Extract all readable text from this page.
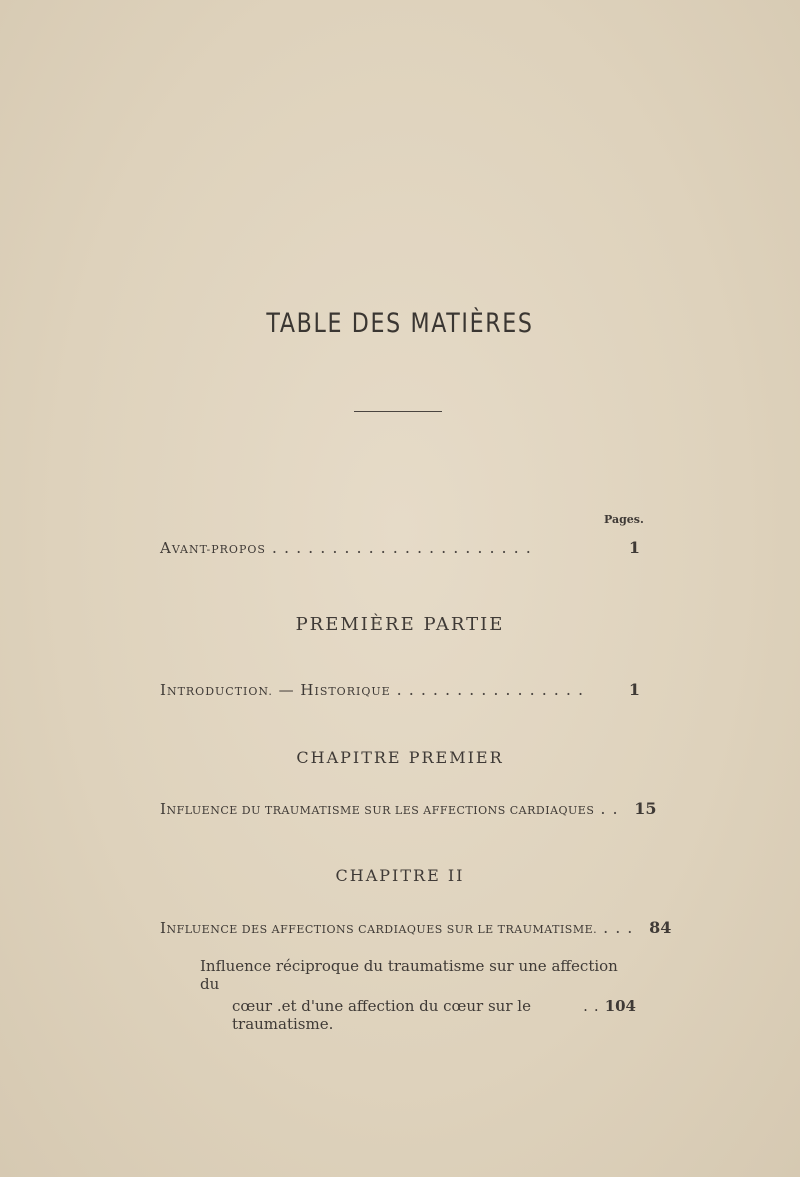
TABLE DES MATIÈRES
Pages.
AVANT-PROPOS ......................	1
PREMIÈRE PARTIE
INTRODUCTION. — HISTORIQUE ................	1
CHAPITRE PREMIER
INFLUENCE DU TRAUMATISME SUR LES AFFECTIONS CARDIAQUES .. 15
CHAPITRE II
INFLUENCE DES AFFECTIONS CARDIAQUES SUR LE TRAUMATISME. ... 84
Influence réciproque du traumatisme sur une affection du
cœur .et d'une affection du cœur sur le traumatisme.
.. 104
